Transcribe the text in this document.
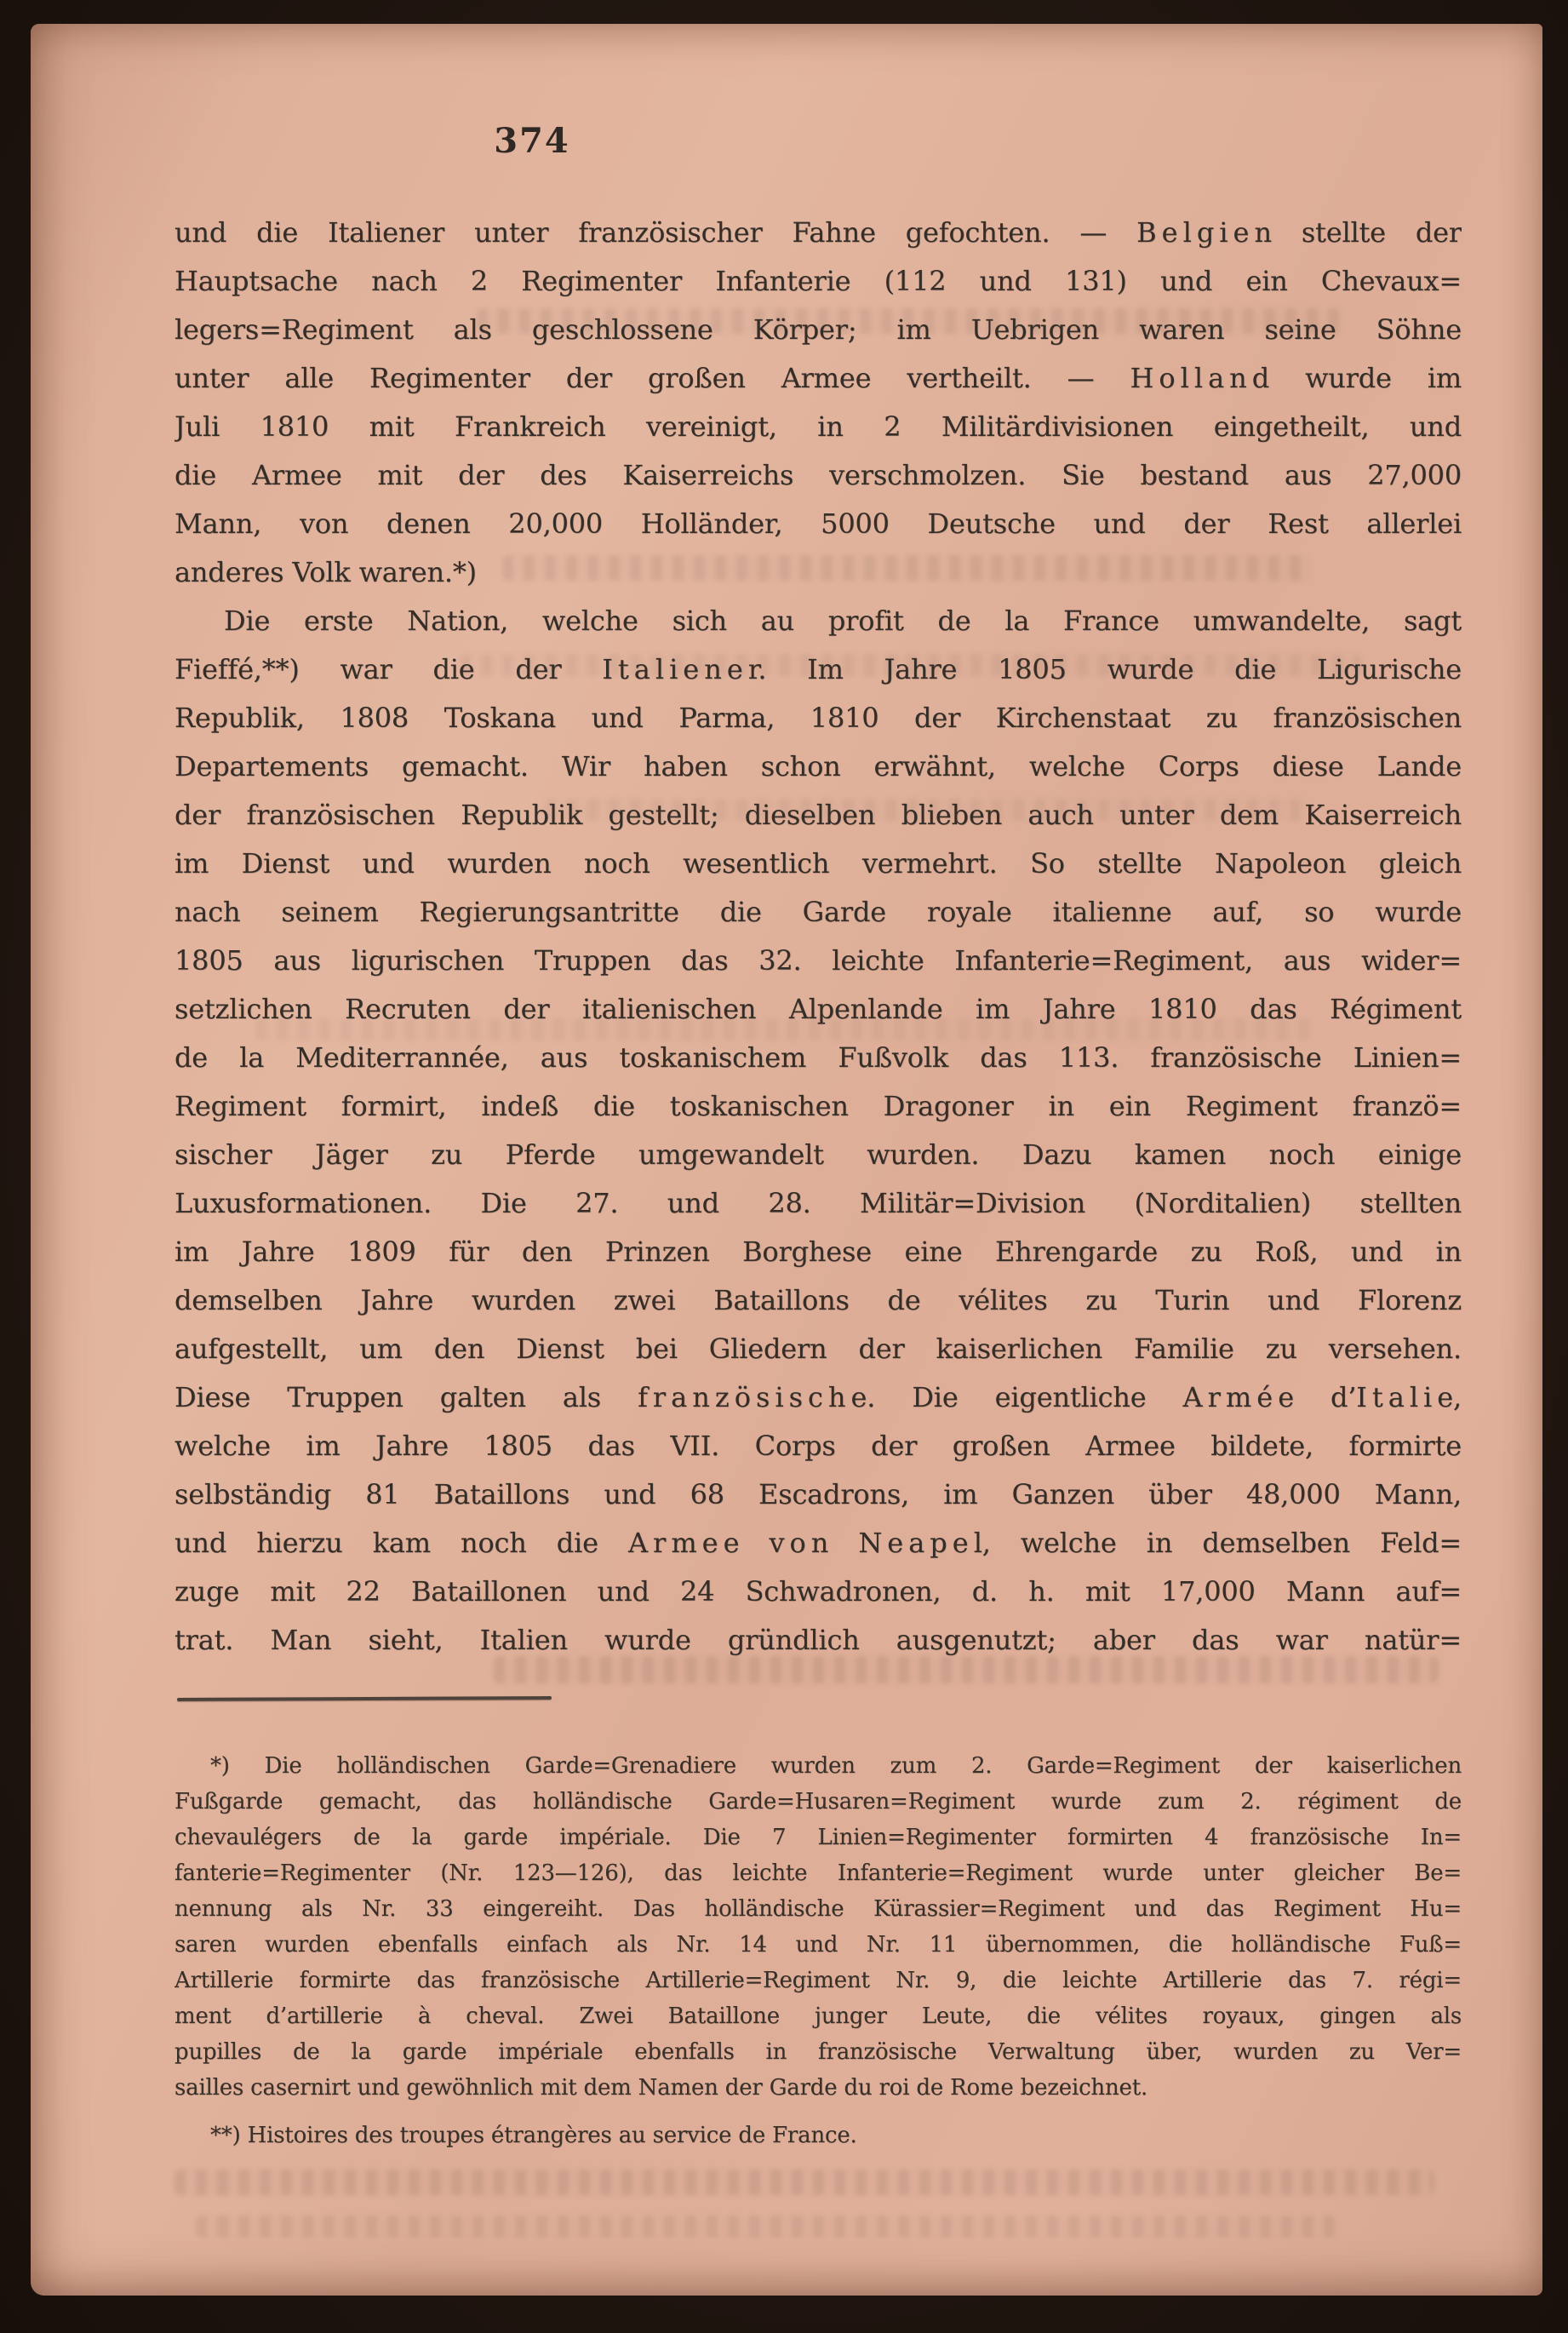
374
und die Italiener unter französischer Fahne gefochten. — B e l g i e n stellte der
Hauptsache nach 2 Regimenter Infanterie (112 und 131) und ein Chevaux=
legers=Regiment als geschlossene Körper; im Uebrigen waren seine Söhne
unter alle Regimenter der großen Armee vertheilt. — H o l l a n d wurde im
Juli 1810 mit Frankreich vereinigt, in 2 Militärdivisionen eingetheilt, und
die Armee mit der des Kaiserreichs verschmolzen. Sie bestand aus 27,000
Mann, von denen 20,000 Holländer, 5000 Deutsche und der Rest allerlei
anderes Volk waren.*)
Die erste Nation, welche sich au profit de la France umwandelte, sagt
Fieffé,**) war die der I t a l i e n e r. Im Jahre 1805 wurde die Ligurische
Republik, 1808 Toskana und Parma, 1810 der Kirchenstaat zu französischen
Departements gemacht. Wir haben schon erwähnt, welche Corps diese Lande
der französischen Republik gestellt; dieselben blieben auch unter dem Kaiserreich
im Dienst und wurden noch wesentlich vermehrt. So stellte Napoleon gleich
nach seinem Regierungsantritte die Garde royale italienne auf, so wurde
1805 aus ligurischen Truppen das 32. leichte Infanterie=Regiment, aus wider=
setzlichen Recruten der italienischen Alpenlande im Jahre 1810 das Régiment
de la Mediterrannée, aus toskanischem Fußvolk das 113. französische Linien=
Regiment formirt, indeß die toskanischen Dragoner in ein Regiment franzö=
sischer Jäger zu Pferde umgewandelt wurden. Dazu kamen noch einige
Luxusformationen. Die 27. und 28. Militär=Division (Norditalien) stellten
im Jahre 1809 für den Prinzen Borghese eine Ehrengarde zu Roß, und in
demselben Jahre wurden zwei Bataillons de vélites zu Turin und Florenz
aufgestellt, um den Dienst bei Gliedern der kaiserlichen Familie zu versehen.
Diese Truppen galten als f r a n z ö s i s c h e. Die eigentliche A r m é e d’I t a l i e,
welche im Jahre 1805 das VII. Corps der großen Armee bildete, formirte
selbständig 81 Bataillons und 68 Escadrons, im Ganzen über 48,000 Mann,
und hierzu kam noch die A r m e e v o n N e a p e l, welche in demselben Feld=
zuge mit 22 Bataillonen und 24 Schwadronen, d. h. mit 17,000 Mann auf=
trat. Man sieht, Italien wurde gründlich ausgenutzt; aber das war natür=
*) Die holländischen Garde=Grenadiere wurden zum 2. Garde=Regiment der kaiserlichen
Fußgarde gemacht, das holländische Garde=Husaren=Regiment wurde zum 2. régiment de
chevaulégers de la garde impériale. Die 7 Linien=Regimenter formirten 4 französische In=
fanterie=Regimenter (Nr. 123—126), das leichte Infanterie=Regiment wurde unter gleicher Be=
nennung als Nr. 33 eingereiht. Das holländische Kürassier=Regiment und das Regiment Hu=
saren wurden ebenfalls einfach als Nr. 14 und Nr. 11 übernommen, die holländische Fuß=
Artillerie formirte das französische Artillerie=Regiment Nr. 9, die leichte Artillerie das 7. régi=
ment d’artillerie à cheval. Zwei Bataillone junger Leute, die vélites royaux, gingen als
pupilles de la garde impériale ebenfalls in französische Verwaltung über, wurden zu Ver=
sailles casernirt und gewöhnlich mit dem Namen der Garde du roi de Rome bezeichnet.
**) Histoires des troupes étrangères au service de France.
